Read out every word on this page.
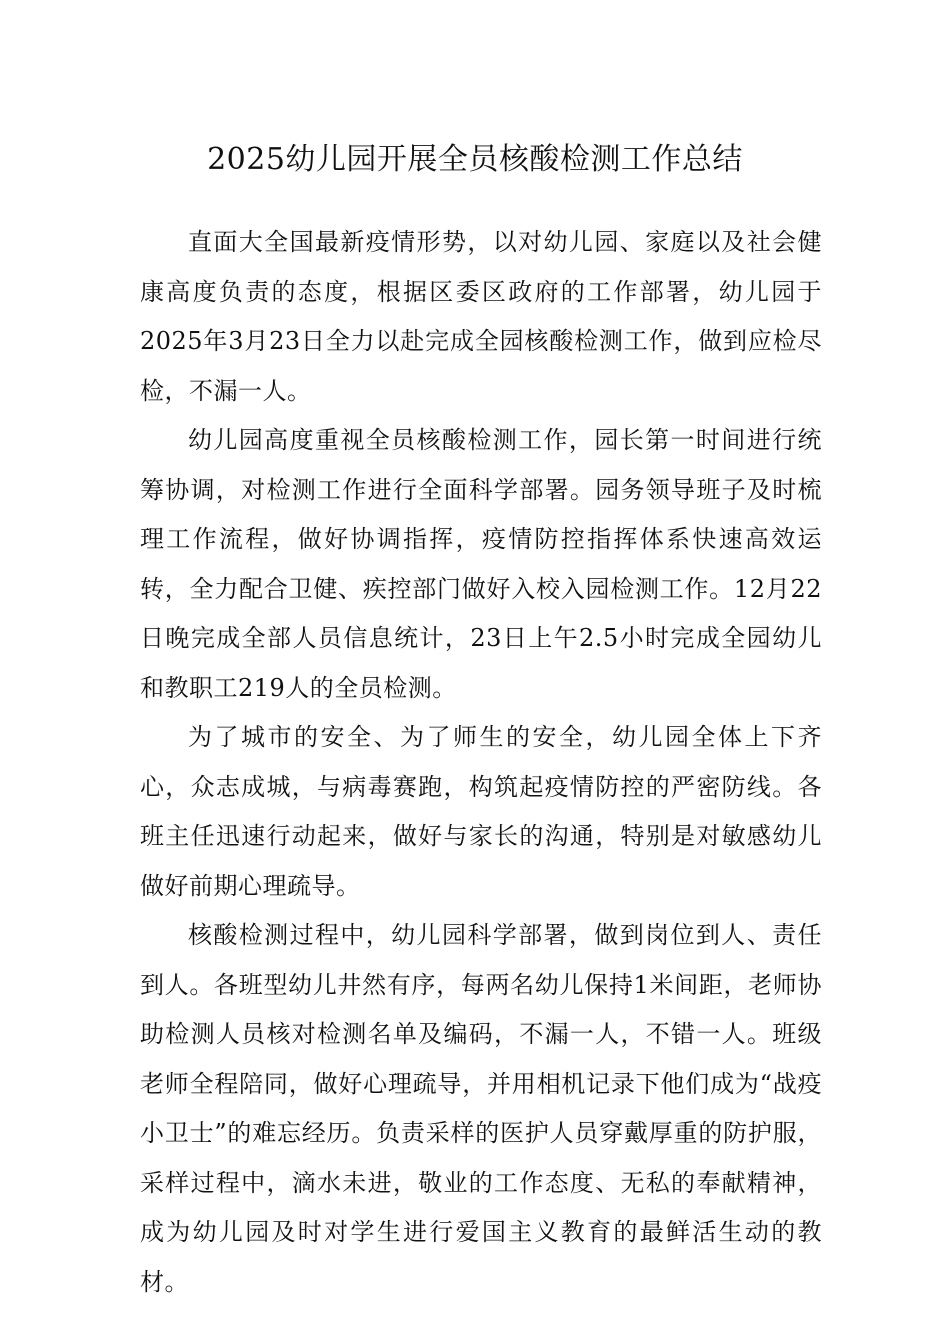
2025幼儿园开展全员核酸检测工作总结

直面大全国最新疫情形势，以对幼儿园、家庭以及社会健康高度负责的态度，根据区委区政府的工作部署，幼儿园于2025年3月23日全力以赴完成全园核酸检测工作，做到应检尽检，不漏一人。

幼儿园高度重视全员核酸检测工作，园长第一时间进行统筹协调，对检测工作进行全面科学部署。园务领导班子及时梳理工作流程，做好协调指挥，疫情防控指挥体系快速高效运转，全力配合卫健、疾控部门做好入校入园检测工作。12月22日晚完成全部人员信息统计，23日上午2.5小时完成全园幼儿和教职工219人的全员检测。

为了城市的安全、为了师生的安全，幼儿园全体上下齐心，众志成城，与病毒赛跑，构筑起疫情防控的严密防线。各班主任迅速行动起来，做好与家长的沟通，特别是对敏感幼儿做好前期心理疏导。

核酸检测过程中，幼儿园科学部署，做到岗位到人、责任到人。各班型幼儿井然有序，每两名幼儿保持1米间距，老师协助检测人员核对检测名单及编码，不漏一人，不错一人。班级老师全程陪同，做好心理疏导，并用相机记录下他们成为“战疫小卫士”的难忘经历。负责采样的医护人员穿戴厚重的防护服，采样过程中，滴水未进，敬业的工作态度、无私的奉献精神，成为幼儿园及时对学生进行爱国主义教育的最鲜活生动的教材。
